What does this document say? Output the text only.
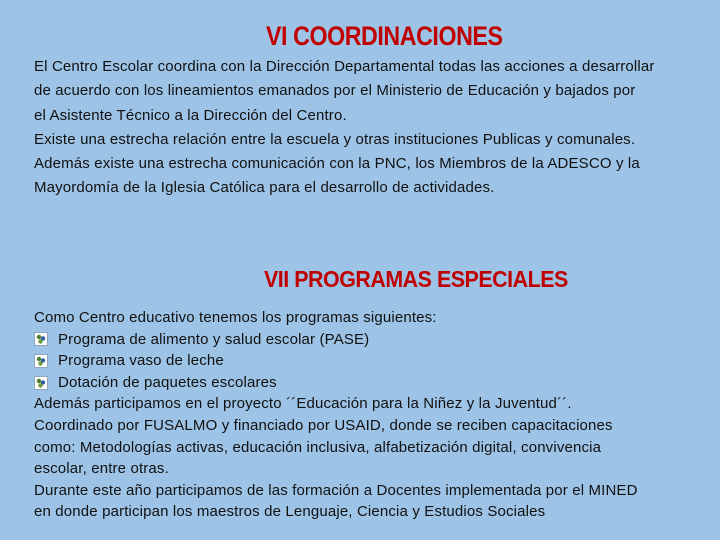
VI COORDINACIONES
El Centro Escolar coordina con la Dirección Departamental todas las acciones a desarrollar
de acuerdo con los lineamientos emanados por el Ministerio de Educación y bajados por
el Asistente Técnico a la Dirección del Centro.
Existe una estrecha relación entre la escuela y otras instituciones Publicas y comunales.
Además existe una estrecha comunicación con la PNC, los Miembros de la ADESCO y la
Mayordomía de la Iglesia Católica para el desarrollo de actividades.
VII PROGRAMAS ESPECIALES
Como Centro educativo tenemos los programas siguientes:
Programa de alimento y salud escolar (PASE)
Programa vaso de leche
Dotación de paquetes escolares
Además participamos en el proyecto ´´Educación para la Niñez y la Juventud´´.
Coordinado por FUSALMO y financiado por USAID, donde se reciben capacitaciones
como: Metodologías activas, educación inclusiva, alfabetización digital, convivencia
escolar, entre otras.
Durante este año participamos de las formación a Docentes implementada por el MINED
en donde participan los maestros de Lenguaje, Ciencia y Estudios Sociales
